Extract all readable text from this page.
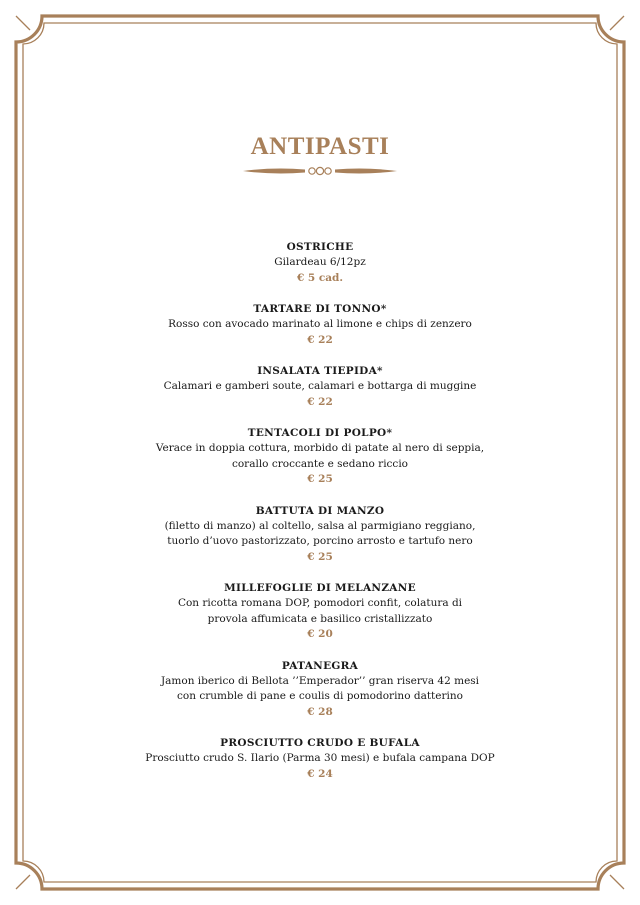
ANTIPASTI
OSTRICHE
Gilardeau 6/12pz
€ 5 cad.
TARTARE DI TONNO*
Rosso con avocado marinato al limone e chips di zenzero
€ 22
INSALATA TIEPIDA*
Calamari e gamberi soute, calamari e bottarga di muggine
€ 22
TENTACOLI DI POLPO*
Verace in doppia cottura, morbido di patate al nero di seppia,
corallo croccante e sedano riccio
€ 25
BATTUTA DI MANZO
(filetto di manzo) al coltello, salsa al parmigiano reggiano,
tuorlo d’uovo pastorizzato, porcino arrosto e tartufo nero
€ 25
MILLEFOGLIE DI MELANZANE
Con ricotta romana DOP, pomodori confit, colatura di
provola affumicata e basilico cristallizzato
€ 20
PATANEGRA
Jamon iberico di Bellota ’’Emperador’’ gran riserva 42 mesi
con crumble di pane e coulis di pomodorino datterino
€ 28
PROSCIUTTO CRUDO E BUFALA
Prosciutto crudo S. Ilario (Parma 30 mesi) e bufala campana DOP
€ 24
